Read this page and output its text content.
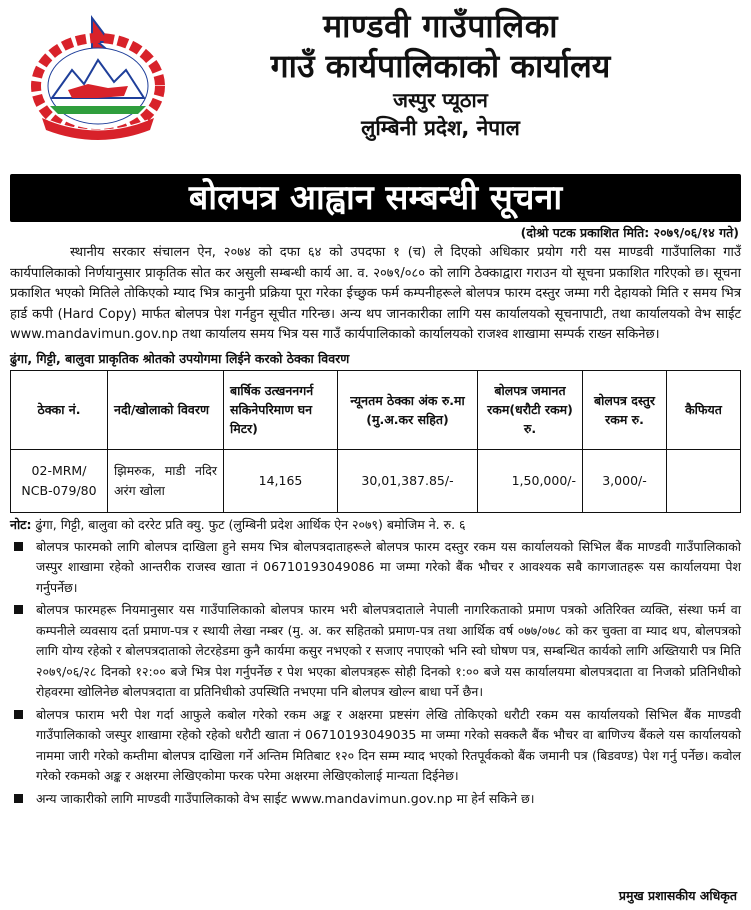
माण्डवी गाउँपालिका
गाउँ कार्यपालिकाको कार्यालय
जस्पुर प्यूठान
लुम्बिनी प्रदेश, नेपाल
बोलपत्र आह्वान सम्बन्धी सूचना
(दोश्रो पटक प्रकाशित मिति: २०७९/०६/१४ गते)
स्थानीय सरकार संचालन ऐन, २०७४ को दफा ६४ को उपदफा १ (च) ले दिएको अधिकार प्रयोग गरी यस माण्डवी गाउँपालिका गाउँ कार्यपालिकाको निर्णयानुसार प्राकृतिक सोत कर असुली सम्बन्धी कार्य आ. व. २०७९/०८० को लागि ठेक्काद्वारा गराउन यो सूचना प्रकाशित गरिएको छ। सूचना प्रकाशित भएको मितिले तोकिएको म्याद भित्र कानुनी प्रक्रिया पूरा गरेका ईच्छुक फर्म कम्पनीहरूले बोलपत्र फारम दस्तुर जम्मा गरी देहायको मिति र समय भित्र हार्ड कपी (Hard Copy) मार्फत बोलपत्र पेश गर्नहुन सूचीत गरिन्छ। अन्य थप जानकारीका लागि यस कार्यालयको सूचनापाटी, तथा कार्यालयको वेभ साईट www.mandavimun.gov.np तथा कार्यालय समय भित्र यस गाउँ कार्यपालिकाको कार्यालयको राजश्व शाखामा सम्पर्क राख्न सकिनेछ।
ढुंगा, गिट्टी, बालुवा प्राकृतिक श्रोतको उपयोगमा लिईने करको ठेक्का विवरण
ठेक्का नं.	नदी/खोलाको विवरण	बार्षिक उत्खननगर्न सकिनेपरिमाण घन मिटर)	न्यूनतम ठेक्का अंक रु.मा (मु.अ.कर सहित)	बोलपत्र जमानत रकम(धरौटी रकम) रु.	बोलपत्र दस्तुर रकम रु.	कैफियत
02-MRM/ NCB-079/80	झिमरुक, माडी नदिर अरंग खोला	14,165	30,01,387.85/-	1,50,000/-	3,000/-	
नोट: ढुंगा, गिट्टी, बालुवा को दररेट प्रति क्यु. फुट (लुम्बिनी प्रदेश आर्थिक ऐन २०७९) बमोजिम ने. रु. ६
बोलपत्र फारमको लागि बोलपत्र दाखिला हुने समय भित्र बोलपत्रदाताहरूले बोलपत्र फारम दस्तुर रकम यस कार्यालयको सिभिल बैंक माण्डवी गाउँपालिकाको जस्पुर शाखामा रहेको आन्तरीक राजस्व खाता नं 06710193049086 मा जम्मा गरेको बैंक भौचर र आवश्यक सबै कागजातहरू यस कार्यालयमा पेश गर्नुपर्नेछ।
बोलपत्र फारमहरू नियमानुसार यस गाउँपालिकाको बोलपत्र फारम भरी बोलपत्रदाताले नेपाली नागरिकताको प्रमाण पत्रको अतिरिक्त व्यक्ति, संस्था फर्म वा कम्पनीले व्यवसाय दर्ता प्रमाण-पत्र र स्थायी लेखा नम्बर (मु. अ. कर सहितको प्रमाण-पत्र तथा आर्थिक वर्ष ०७७/०७८ को कर चुक्ता वा म्याद थप, बोलपत्रको लागि योग्य रहेको र बोलपत्रदाताको लेटरहेडमा कुनै कार्यमा कसुर नभएको र सजाए नपाएको भनि स्वो घोषण पत्र, सम्बन्धित कार्यको लागि अख्तियारी पत्र मिति २०७९/०६/२८ दिनको १२:०० बजे भित्र पेश गर्नुपर्नेछ र पेश भएका बोलपत्रहरू सोही दिनको १:०० बजे यस कार्यालयमा बोलपत्रदाता वा निजको प्रतिनिधीको रोहवरमा खोलिनेछ बोलपत्रदाता वा प्रतिनिधीको उपस्थिति नभएमा पनि बोलपत्र खोल्न बाधा पर्ने छैन।
बोलपत्र फाराम भरी पेश गर्दा आफुले कबोल गरेको रकम अङ्क र अक्षरमा प्रष्टसंग लेखि तोकिएको धरौटी रकम यस कार्यालयको सिभिल बैंक माण्डवी गाउँपालिकाको जस्पुर शाखामा रहेको रहेको धरौटी खाता नं 06710193049035 मा जम्मा गरेको सक्कलै बैंक भौचर वा बाणिज्य बैंकले यस कार्यालयको नाममा जारी गरेको कम्तीमा बोलपत्र दाखिला गर्ने अन्तिम मितिबाट १२० दिन सम्म म्याद भएको रितपूर्वकको बैंक जमानी पत्र (बिडवण्ड) पेश गर्नु पर्नेछ। कवोल गरेको रकमको अङ्क र अक्षरमा लेखिएकोमा फरक परेमा अक्षरमा लेखिएकोलाई मान्यता दिईनेछ।
अन्य जाकारीको लागि माण्डवी गाउँपालिकाको वेभ साईट www.mandavimun.gov.np मा हेर्न सकिने छ।
प्रमुख प्रशासकीय अधिकृत
